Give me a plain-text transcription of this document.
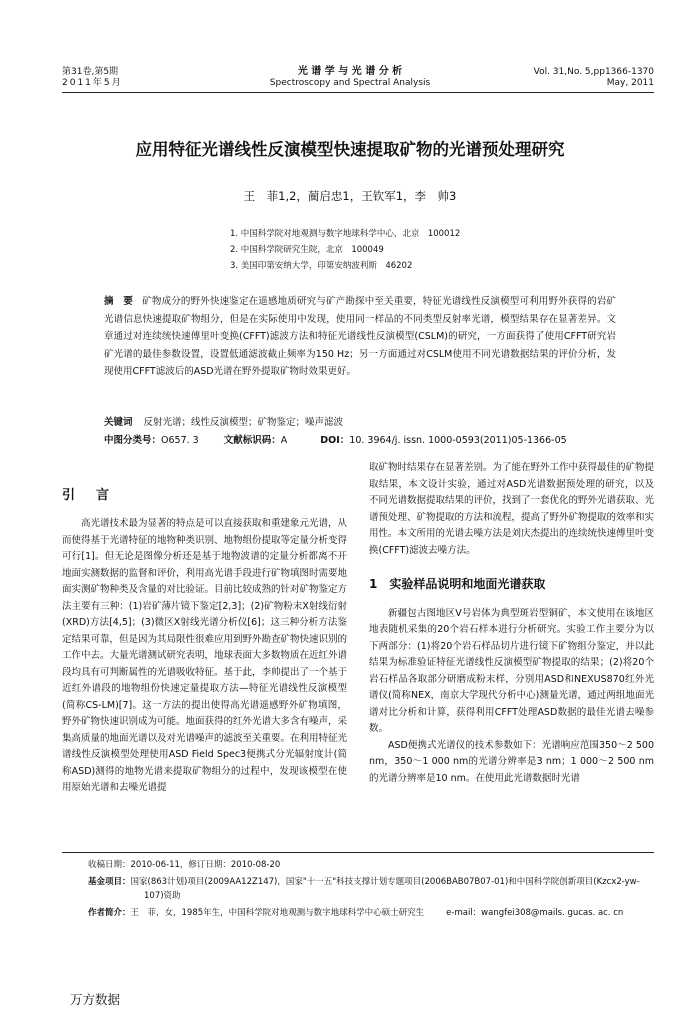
第31卷,第5期
2011年5月
光 谱 学 与 光 谱 分 析
Spectroscopy and Spectral Analysis
Vol. 31,No. 5,pp1366-1370
May, 2011
应用特征光谱线性反演模型快速提取矿物的光谱预处理研究
王　菲1,2，蔺启忠1，王钦军1，李　帅3
1. 中国科学院对地观测与数字地球科学中心，北京　100012
2. 中国科学院研究生院，北京　100049
3. 美国印第安纳大学，印第安纳波利斯　46202
摘　要 矿物成分的野外快速鉴定在遥感地质研究与矿产勘探中至关重要，特征光谱线性反演模型可利用野外获得的岩矿光谱信息快速提取矿物组分，但是在实际使用中发现，使用同一样品的不同类型反射率光谱，模型结果存在显著差异。文章通过对连续统快速傅里叶变换(CFFT)滤波方法和特征光谱线性反演模型(CSLM)的研究，一方面获得了使用CFFT研究岩矿光谱的最佳参数设置，设置低通滤波截止频率为150 Hz；另一方面通过对CSLM使用不同光谱数据结果的评价分析，发现使用CFFT滤波后的ASD光谱在野外提取矿物时效果更好。
关键词 反射光谱；线性反演模型；矿物鉴定；噪声滤波
中图分类号：O657. 3	文献标识码：A	DOI：10. 3964/j. issn. 1000-0593(2011)05-1366-05
引　言

高光谱技术最为显著的特点是可以直接获取和重建象元光谱，从而使得基于光谱特征的地物种类识别、地物组份提取等定量分析变得可行[1]。但无论是图像分析还是基于地物波谱的定量分析都离不开地面实测数据的监督和评价，利用高光谱手段进行矿物填图时需要地面实测矿物种类及含量的对比验证。目前比较成熟的针对矿物鉴定方法主要有三种：(1)岩矿薄片镜下鉴定[2,3]；(2)矿物粉末X射线衍射(XRD)方法[4,5]；(3)微区X射线光谱分析仪[6]；这三种分析方法鉴定结果可靠，但是因为其局限性很难应用到野外勘查矿物快速识别的工作中去。大量光谱测试研究表明，地球表面大多数物质在近红外谱段均具有可判断属性的光谱吸收特征。基于此，李帅提出了一个基于近红外谱段的地物组份快速定量提取方法—特征光谱线性反演模型(简称CS-LM)[7]。这一方法的提出使得高光谱遥感野外矿物填图，野外矿物快速识别成为可能。地面获得的红外光谱大多含有噪声，采集高质量的地面光谱以及对光谱噪声的滤波至关重要。在利用特征光谱线性反演模型处理使用ASD Field Spec3便携式分光辐射度计(简称ASD)测得的地物光谱来提取矿物组分的过程中，发现该模型在使用原始光谱和去噪光谱提

取矿物时结果存在显著差别。为了能在野外工作中获得最佳的矿物提取结果，本文设计实验，通过对ASD光谱数据预处理的研究，以及不同光谱数据提取结果的评价，找到了一套优化的野外光谱获取、光谱预处理、矿物提取的方法和流程，提高了野外矿物提取的效率和实用性。本文所用的光谱去噪方法是刘庆杰提出的连续统快速傅里叶变换(CFFT)滤波去噪方法。

1　实验样品说明和地面光谱获取

新疆包古图地区V号岩体为典型斑岩型铜矿，本文使用在该地区地表随机采集的20个岩石样本进行分析研究。实验工作主要分为以下两部分：(1)将20个岩石样品切片进行镜下矿物组分鉴定，并以此结果为标准验证特征光谱线性反演模型矿物提取的结果；(2)将20个岩石样品各取部分研磨成粉末样，分别用ASD和NEXUS870红外光谱仪(简称NEX，南京大学现代分析中心)测量光谱，通过两组地面光谱对比分析和计算，获得利用CFFT处理ASD数据的最佳光谱去噪参数。

ASD便携式光谱仪的技术参数如下：光谱响应范围350～2 500 nm，350～1 000 nm的光谱分辨率是3 nm；1 000～2 500 nm的光谱分辨率是10 nm。在使用此光谱数据时光谱

收稿日期：2010-06-11，修订日期：2010-08-20
基金项目：国家(863计划)项目(2009AA12Z147)，国家"十一五"科技支撑计划专题项目(2006BAB07B07-01)和中国科学院创新项目(Kzcx2-yw-107)资助
作者简介：王　菲，女，1985年生，中国科学院对地观测与数字地球科学中心硕士研究生	e-mail：wangfei308@mails. gucas. ac. cn
万方数据
